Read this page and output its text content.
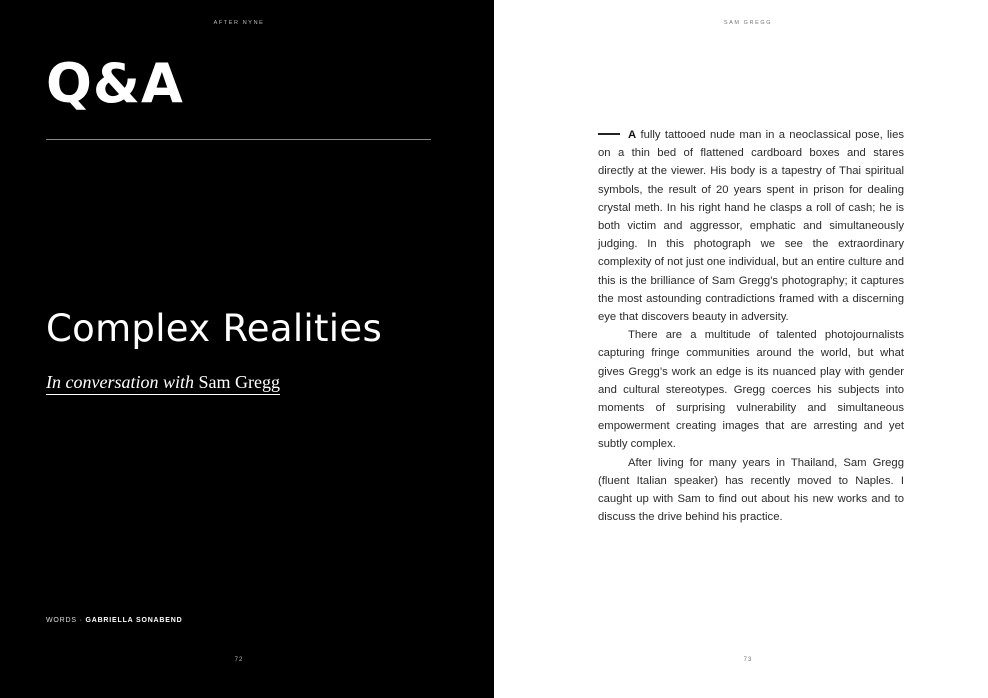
AFTER NYNE
Q&A
Complex Realities
In conversation with Sam Gregg
WORDS · GABRIELLA SONABEND
72
SAM GREGG

A fully tattooed nude man in a neoclassical pose, lies on a thin bed of flattened cardboard boxes and stares directly at the viewer. His body is a tapestry of Thai spiritual symbols, the result of 20 years spent in prison for dealing crystal meth. In his right hand he clasps a roll of cash; he is both victim and aggressor, emphatic and simultaneously judging. In this photograph we see the extraordinary complexity of not just one individual, but an entire culture and this is the brilliance of Sam Gregg’s photography; it captures the most astounding contradictions framed with a discerning eye that discovers beauty in adversity.

There are a multitude of talented photojournalists capturing fringe communities around the world, but what gives Gregg’s work an edge is its nuanced play with gender and cultural stereotypes. Gregg coerces his subjects into moments of surprising vulnerability and simultaneous empowerment creating images that are arresting and yet subtly complex.

After living for many years in Thailand, Sam Gregg (fluent Italian speaker) has recently moved to Naples. I caught up with Sam to find out about his new works and to discuss the drive behind his practice.

73
